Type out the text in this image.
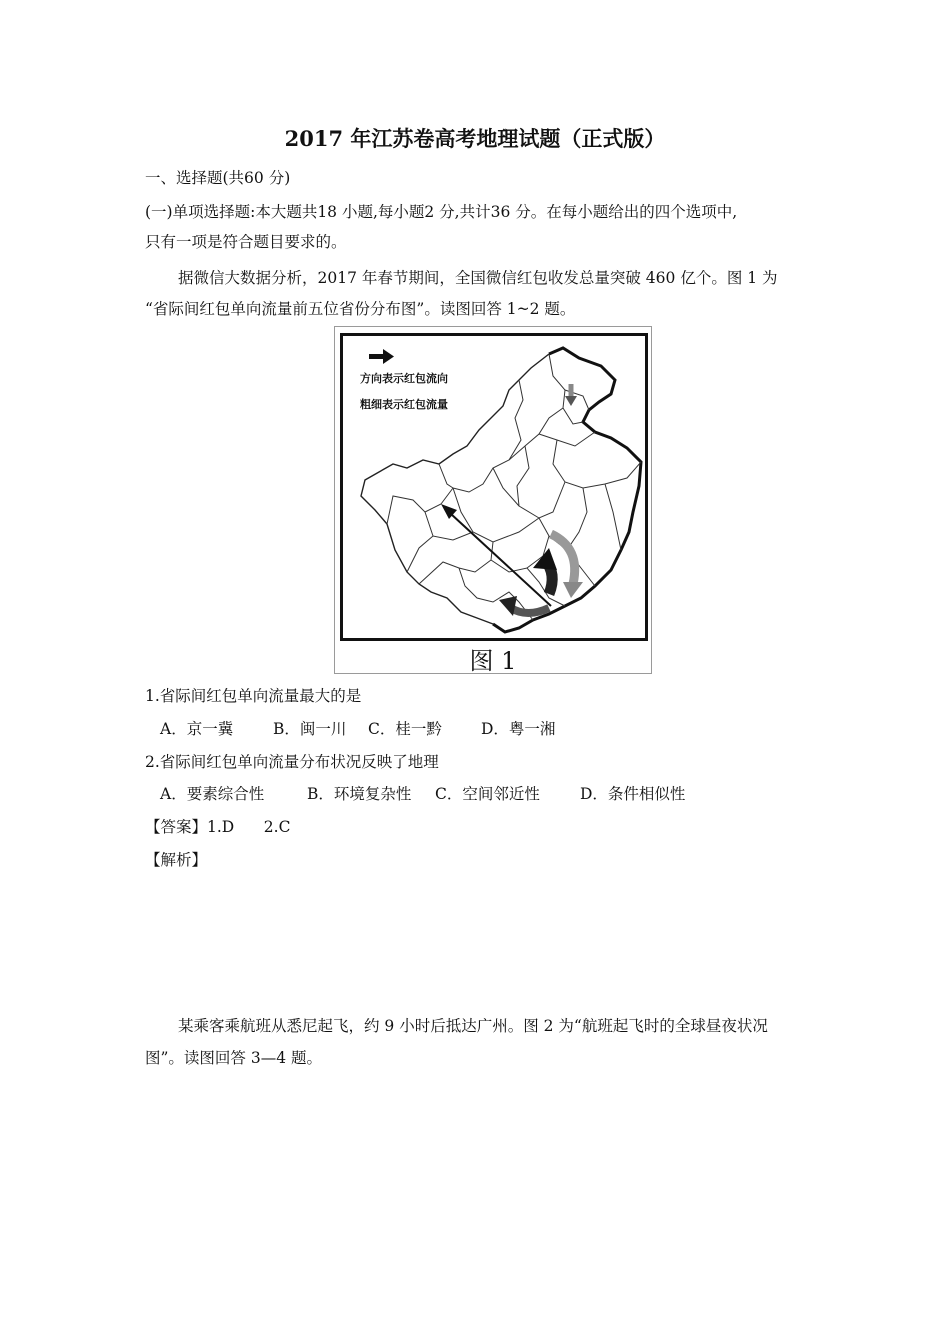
2017 年江苏卷高考地理试题（正式版）
一、选择题(共60 分)
(一)单项选择题:本大题共18 小题,每小题2 分,共计36 分。在每小题给出的四个选项中,
只有一项是符合题目要求的。
据微信大数据分析，2017 年春节期间，全国微信红包收发总量突破 460 亿个。图 1 为
“省际间红包单向流量前五位省份分布图”。读图回答 1~2 题。
方向表示红包流向
粗细表示红包流量
图 1
1.省际间红包单向流量最大的是
A．京一冀	B．闽一川 C．桂一黔	D．粤一湘
2.省际间红包单向流量分布状况反映了地理
A．要素综合性	B．环境复杂性 C．空间邻近性	D．条件相似性
【答案】1.D      2.C
【解析】
某乘客乘航班从悉尼起飞，约 9 小时后抵达广州。图 2 为“航班起飞时的全球昼夜状况
图”。读图回答 3—4 题。
